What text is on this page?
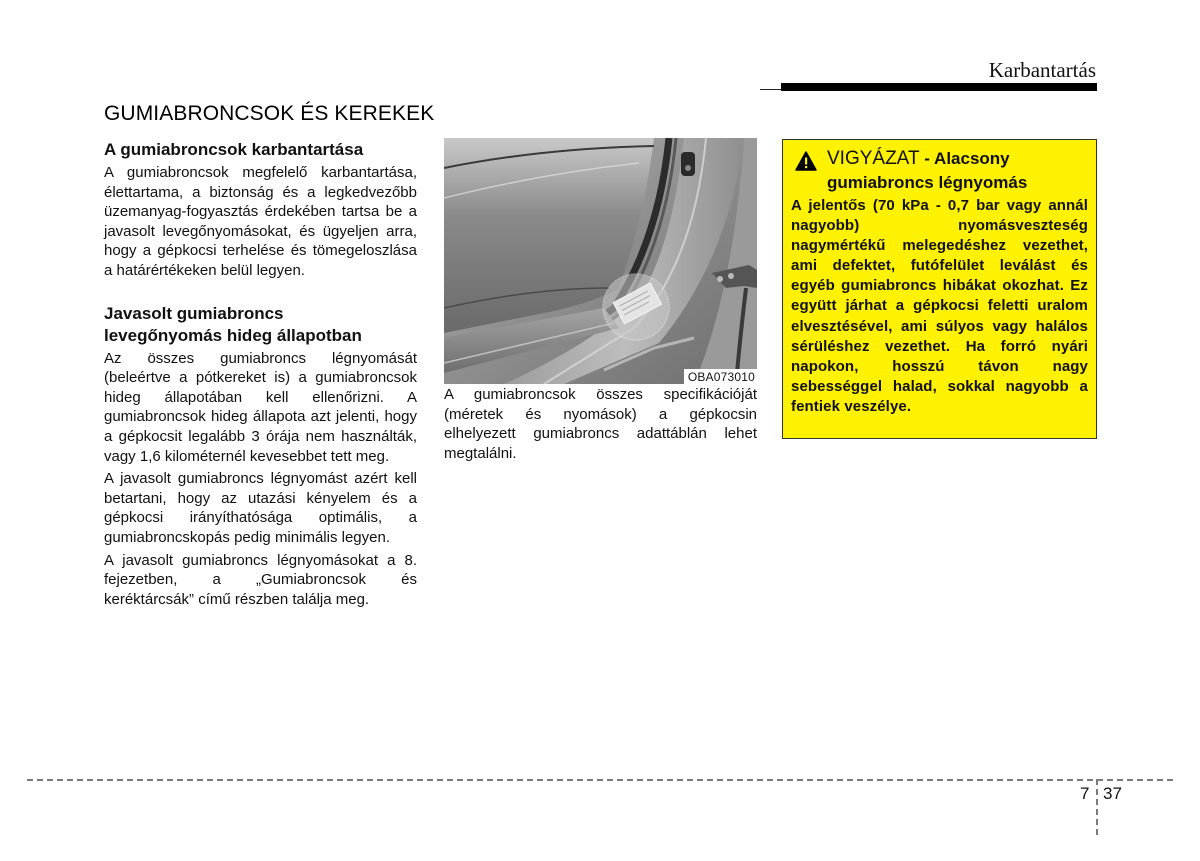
Karbantartás
GUMIABRONCSOK ÉS KEREKEK
A gumiabroncsok karbantartása

A gumiabroncsok megfelelő karbantartása, élettartama, a biztonság és a legkedvezőbb üzemanyag-fogyasztás érdekében tartsa be a javasolt levegőnyomásokat, és ügyeljen arra, hogy a gépkocsi terhelése és tömegeloszlása a határértékeken belül legyen.

Javasolt gumiabroncs
levegőnyomás hideg állapotban

Az összes gumiabroncs légnyomását (beleértve a pótkereket is) a gumiabroncsok hideg állapotában kell ellenőrizni. A gumiabroncsok hideg állapota azt jelenti, hogy a gépkocsit legalább 3 órája nem használták, vagy 1,6 kilométernél kevesebbet tett meg.

A javasolt gumiabroncs légnyomást azért kell betartani, hogy az utazási kényelem és a gépkocsi irányíthatósága optimális, a gumiabroncskopás pedig minimális legyen.

A javasolt gumiabroncs légnyomásokat a 8. fejezetben, a „Gumiabroncsok és keréktárcsák” című részben találja meg.

OBA073010

A gumiabroncsok összes specifikációját (méretek és nyomások) a gépkocsin elhelyezett gumiabroncs adattáblán lehet megtalálni.

VIGYÁZAT - Alacsony
gumiabroncs légnyomás

A jelentős (70 kPa - 0,7 bar vagy annál nagyobb) nyomásveszteség nagymértékű melegedéshez vezethet, ami defektet, futófelület leválást és egyéb gumiabroncs hibákat okozhat. Ez együtt járhat a gépkocsi feletti uralom elvesztésével, ami súlyos vagy halálos sérüléshez vezethet. Ha forró nyári napokon, hosszú távon nagy sebességgel halad, sokkal nagyobb a fentiek veszélye.

7 37
